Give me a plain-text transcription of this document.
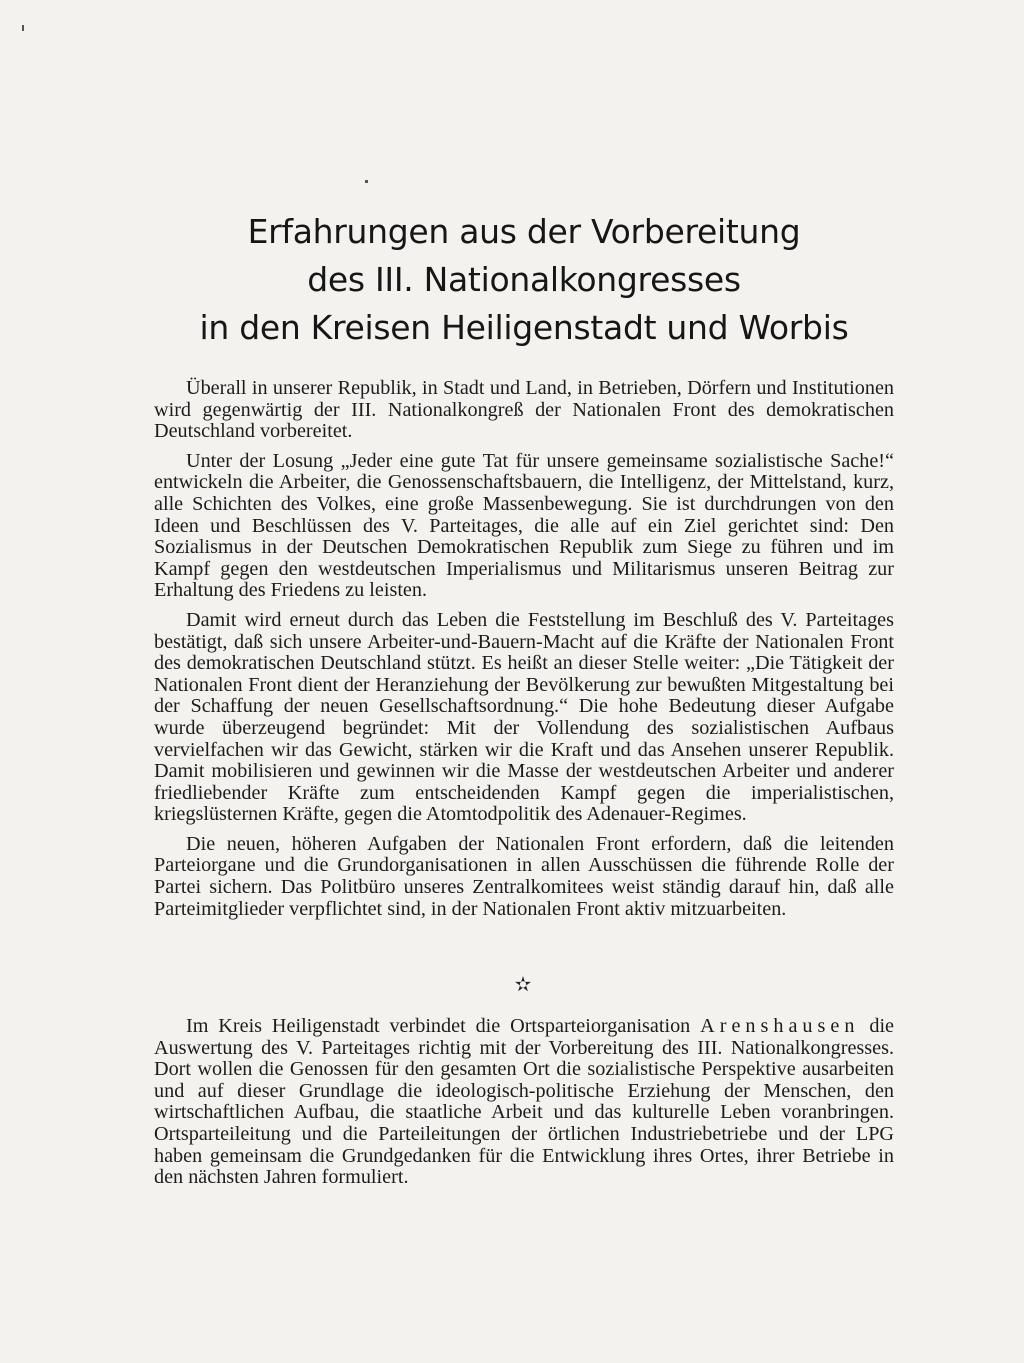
Erfahrungen aus der Vorbereitung
des III. Nationalkongresses
in den Kreisen Heiligenstadt und Worbis

Überall in unserer Republik, in Stadt und Land, in Betrieben, Dörfern und Institutionen wird gegenwärtig der III. Nationalkongreß der Nationalen Front des demokratischen Deutschland vorbereitet.

Unter der Losung „Jeder eine gute Tat für unsere gemeinsame sozialistische Sache!“ entwickeln die Arbeiter, die Genossenschaftsbauern, die Intelligenz, der Mittelstand, kurz, alle Schichten des Volkes, eine große Massenbewegung. Sie ist durchdrungen von den Ideen und Beschlüssen des V. Parteitages, die alle auf ein Ziel gerichtet sind: Den Sozialismus in der Deutschen Demokratischen Republik zum Siege zu führen und im Kampf gegen den westdeutschen Imperialismus und Militarismus unseren Beitrag zur Erhaltung des Friedens zu leisten.

Damit wird erneut durch das Leben die Feststellung im Beschluß des V. Parteitages bestätigt, daß sich unsere Arbeiter-und-Bauern-Macht auf die Kräfte der Nationalen Front des demokratischen Deutschland stützt. Es heißt an dieser Stelle weiter: „Die Tätigkeit der Nationalen Front dient der Heranziehung der Bevölkerung zur bewußten Mitgestaltung bei der Schaffung der neuen Gesellschaftsordnung.“ Die hohe Bedeutung dieser Aufgabe wurde überzeugend begründet: Mit der Vollendung des sozialistischen Aufbaus vervielfachen wir das Gewicht, stärken wir die Kraft und das Ansehen unserer Republik. Damit mobilisieren und gewinnen wir die Masse der westdeutschen Arbeiter und anderer friedliebender Kräfte zum entscheidenden Kampf gegen die imperialistischen, kriegslüsternen Kräfte, gegen die Atomtodpolitik des Adenauer-Regimes.

Die neuen, höheren Aufgaben der Nationalen Front erfordern, daß die leitenden Parteiorgane und die Grundorganisationen in allen Ausschüssen die führende Rolle der Partei sichern. Das Politbüro unseres Zentralkomitees weist ständig darauf hin, daß alle Parteimitglieder verpflichtet sind, in der Nationalen Front aktiv mitzuarbeiten.

✫

Im Kreis Heiligenstadt verbindet die Ortsparteiorganisation Arenshausen die Auswertung des V. Parteitages richtig mit der Vorbereitung des III. Nationalkongresses. Dort wollen die Genossen für den gesamten Ort die sozialistische Perspektive ausarbeiten und auf dieser Grundlage die ideologisch-politische Erziehung der Menschen, den wirtschaftlichen Aufbau, die staatliche Arbeit und das kulturelle Leben voranbringen. Ortsparteileitung und die Parteileitungen der örtlichen Industriebetriebe und der LPG haben gemeinsam die Grundgedanken für die Entwicklung ihres Ortes, ihrer Betriebe in den nächsten Jahren formuliert.
